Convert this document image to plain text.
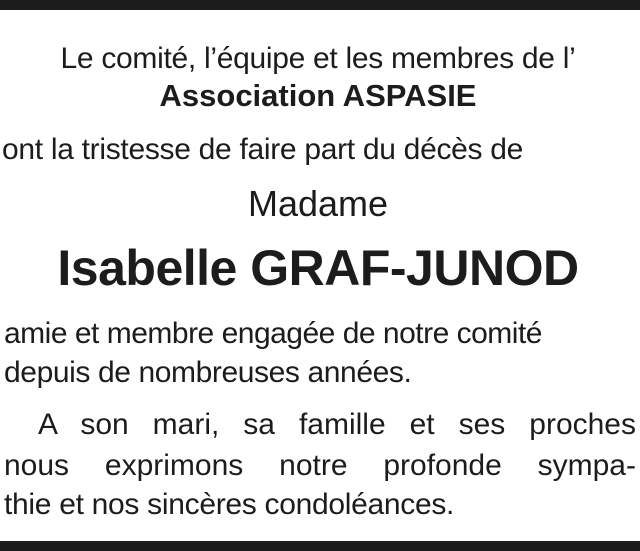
Le comité, l’équipe et les membres de l’

Association ASPASIE

ont la tristesse de faire part du décès de

Madame

Isabelle GRAF-JUNOD

amie et membre engagée de notre comité

depuis de nombreuses années.

A son mari, sa famille et ses proches

nous exprimons notre profonde sympa-

thie et nos sincères condoléances.
